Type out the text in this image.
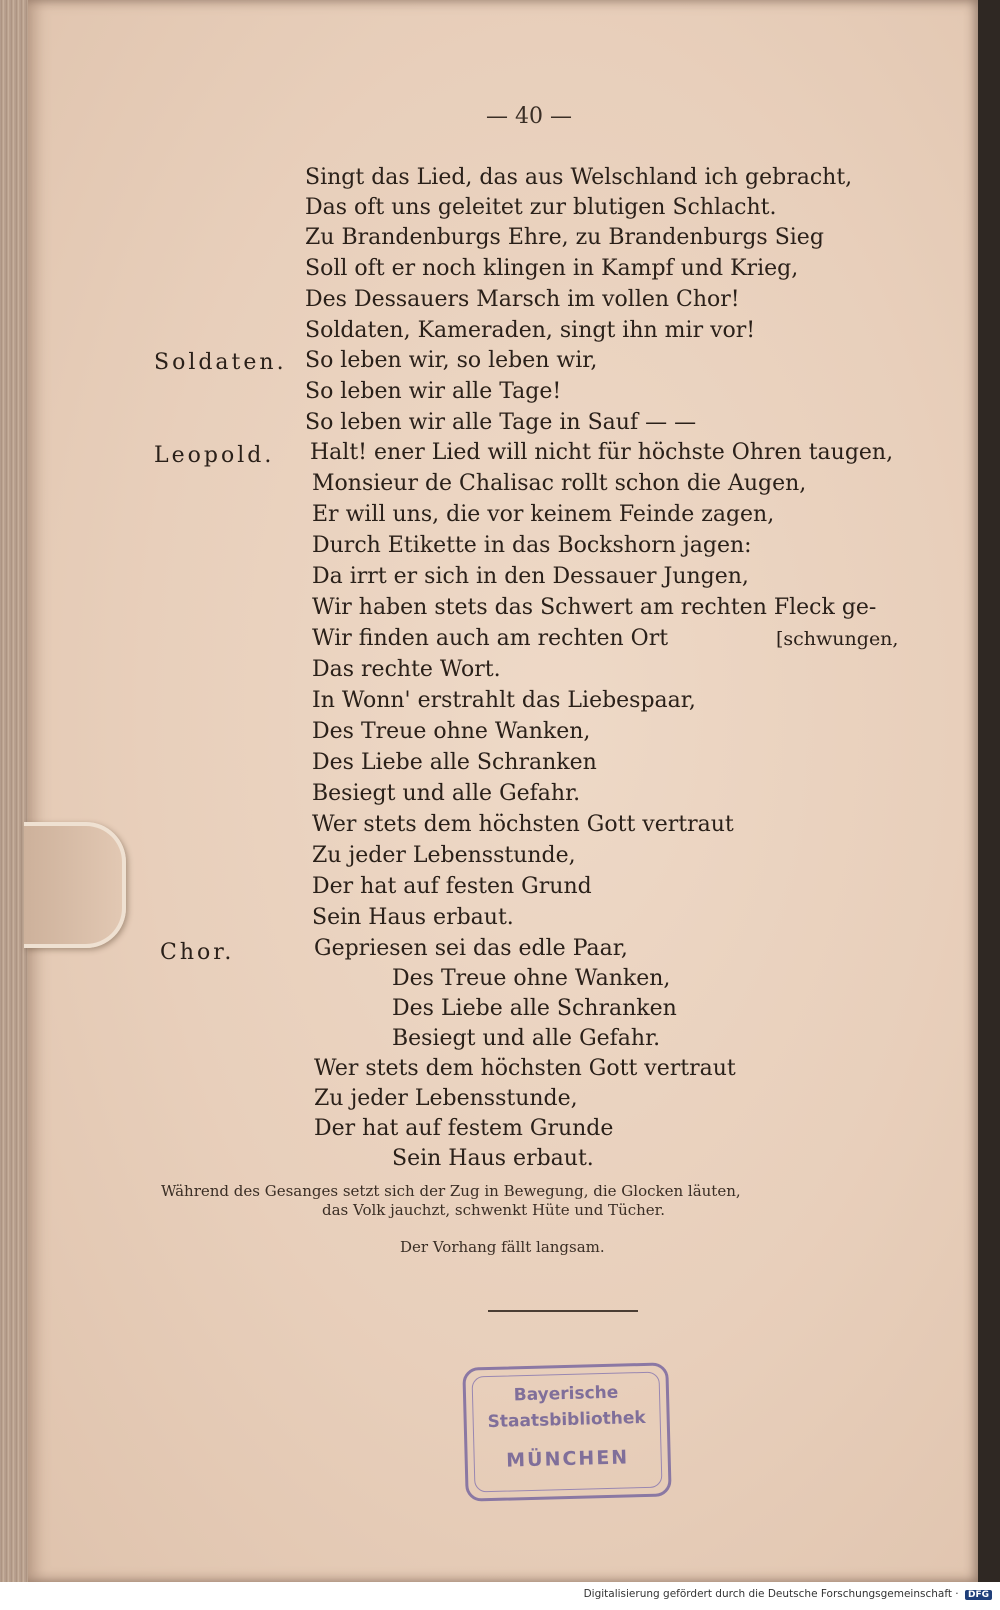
— 40 —
Singt das Lied, das aus Welschland ich gebracht,
Das oft uns geleitet zur blutigen Schlacht.
Zu Brandenburgs Ehre, zu Brandenburgs Sieg
Soll oft er noch klingen in Kampf und Krieg,
Des Dessauers Marsch im vollen Chor!
Soldaten, Kameraden, singt ihn mir vor!
Soldaten. So leben wir, so leben wir,
So leben wir alle Tage!
So leben wir alle Tage in Sauf — —
Leopold. Halt! ener Lied will nicht für höchste Ohren taugen,
Monsieur de Chalisac rollt schon die Augen,
Er will uns, die vor keinem Feinde zagen,
Durch Etikette in das Bockshorn jagen:
Da irrt er sich in den Dessauer Jungen,
Wir haben stets das Schwert am rechten Fleck ge-
Wir finden auch am rechten Ort	[schwungen,
Das rechte Wort.
In Wonn' erstrahlt das Liebespaar,
Des Treue ohne Wanken,
Des Liebe alle Schranken
Besiegt und alle Gefahr.
Wer stets dem höchsten Gott vertraut
Zu jeder Lebensstunde,
Der hat auf festen Grund
Sein Haus erbaut.
Chor.	Gepriesen sei das edle Paar,
Des Treue ohne Wanken,
Des Liebe alle Schranken
Besiegt und alle Gefahr.
Wer stets dem höchsten Gott vertraut
Zu jeder Lebensstunde,
Der hat auf festem Grunde
Sein Haus erbaut.
Während des Gesanges setzt sich der Zug in Bewegung, die Glocken läuten,
das Volk jauchzt, schwenkt Hüte und Tücher.
Der Vorhang fällt langsam.
Bayerische
Staatsbibliothek
MÜNCHEN
Digitalisierung gefördert durch die Deutsche Forschungsgemeinschaft · DFG
